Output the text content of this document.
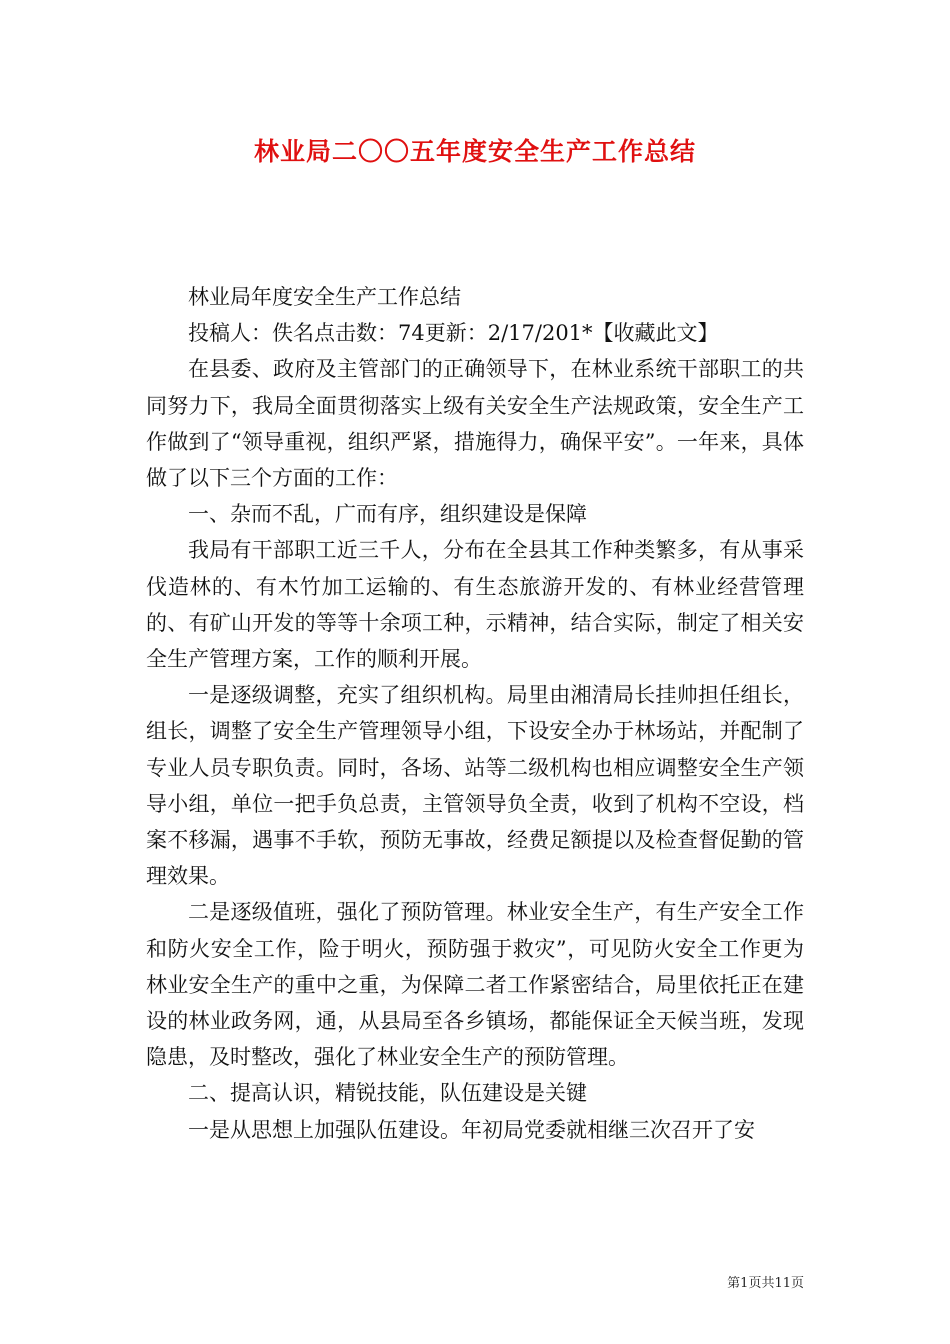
林业局二〇〇五年度安全生产工作总结

林业局年度安全生产工作总结

投稿人：佚名点击数：74更新：2/17/201*【收藏此文】

在县委、政府及主管部门的正确领导下，在林业系统干部职工的共同努力下，我局全面贯彻落实上级有关安全生产法规政策，安全生产工作做到了“领导重视，组织严紧，措施得力，确保平安”。一年来，具体做了以下三个方面的工作：

一、杂而不乱，广而有序，组织建设是保障

我局有干部职工近三千人，分布在全县其工作种类繁多，有从事采伐造林的、有木竹加工运输的、有生态旅游开发的、有林业经营管理的、有矿山开发的等等十余项工种，示精神，结合实际，制定了相关安全生产管理方案，工作的顺利开展。

一是逐级调整，充实了组织机构。局里由湘清局长挂帅担任组长，组长，调整了安全生产管理领导小组，下设安全办于林场站，并配制了专业人员专职负责。同时，各场、站等二级机构也相应调整安全生产领导小组，单位一把手负总责，主管领导负全责，收到了机构不空设，档案不移漏，遇事不手软，预防无事故，经费足额提以及检查督促勤的管理效果。

二是逐级值班，强化了预防管理。林业安全生产，有生产安全工作和防火安全工作，险于明火，预防强于救灾”，可见防火安全工作更为林业安全生产的重中之重，为保障二者工作紧密结合，局里依托正在建设的林业政务网，通，从县局至各乡镇场，都能保证全天候当班，发现隐患，及时整改，强化了林业安全生产的预防管理。

二、提高认识，精锐技能，队伍建设是关键

一是从思想上加强队伍建设。年初局党委就相继三次召开了安

第1页共11页
